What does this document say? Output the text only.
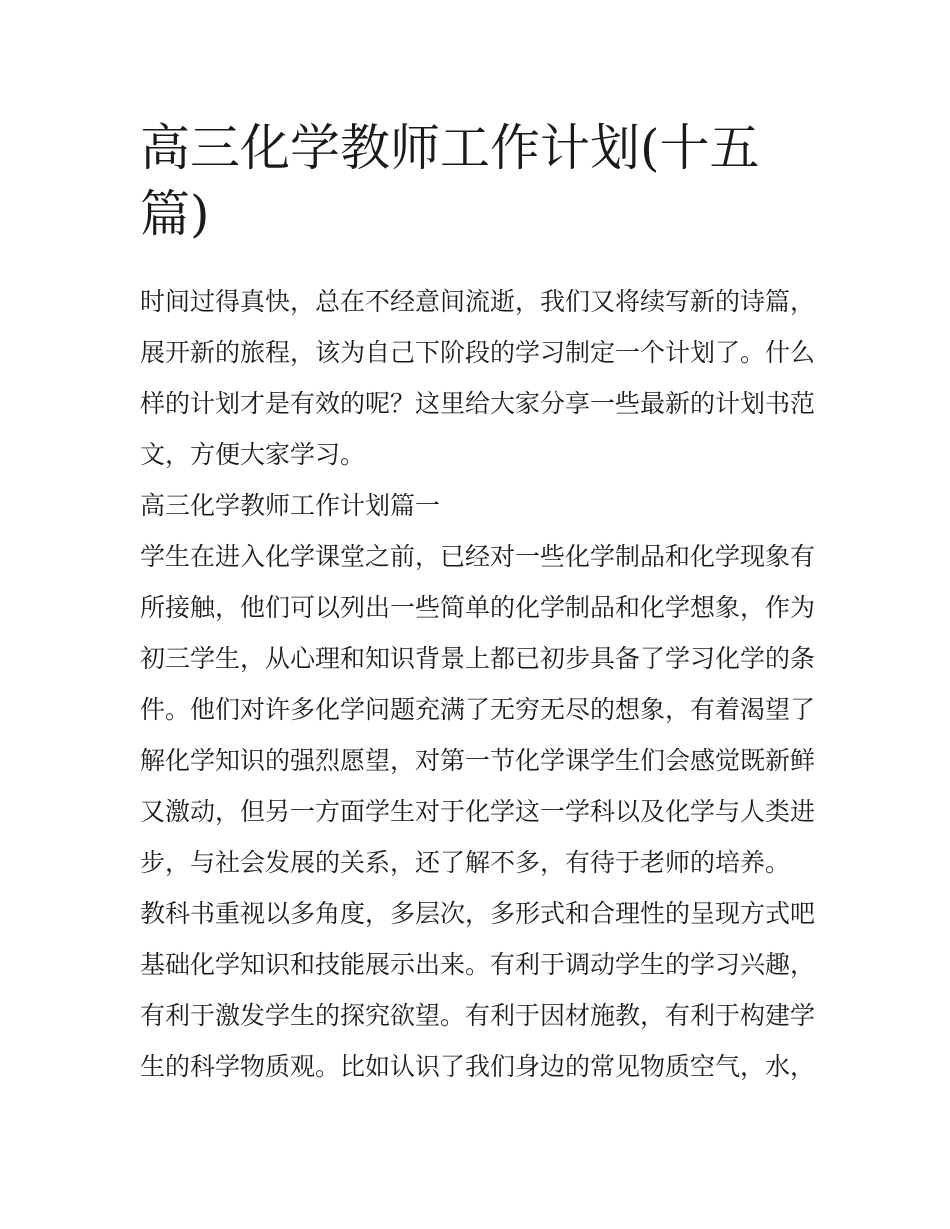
高三化学教师工作计划(十五
篇)
时间过得真快，总在不经意间流逝，我们又将续写新的诗篇，
展开新的旅程，该为自己下阶段的学习制定一个计划了。什么
样的计划才是有效的呢？这里给大家分享一些最新的计划书范
文，方便大家学习。
高三化学教师工作计划篇一
学生在进入化学课堂之前，已经对一些化学制品和化学现象有
所接触，他们可以列出一些简单的化学制品和化学想象，作为
初三学生，从心理和知识背景上都已初步具备了学习化学的条
件。他们对许多化学问题充满了无穷无尽的想象，有着渴望了
解化学知识的强烈愿望，对第一节化学课学生们会感觉既新鲜
又激动，但另一方面学生对于化学这一学科以及化学与人类进
步，与社会发展的关系，还了解不多，有待于老师的培养。
教科书重视以多角度，多层次，多形式和合理性的呈现方式吧
基础化学知识和技能展示出来。有利于调动学生的学习兴趣，
有利于激发学生的探究欲望。有利于因材施教，有利于构建学
生的科学物质观。比如认识了我们身边的常见物质空气，水，
